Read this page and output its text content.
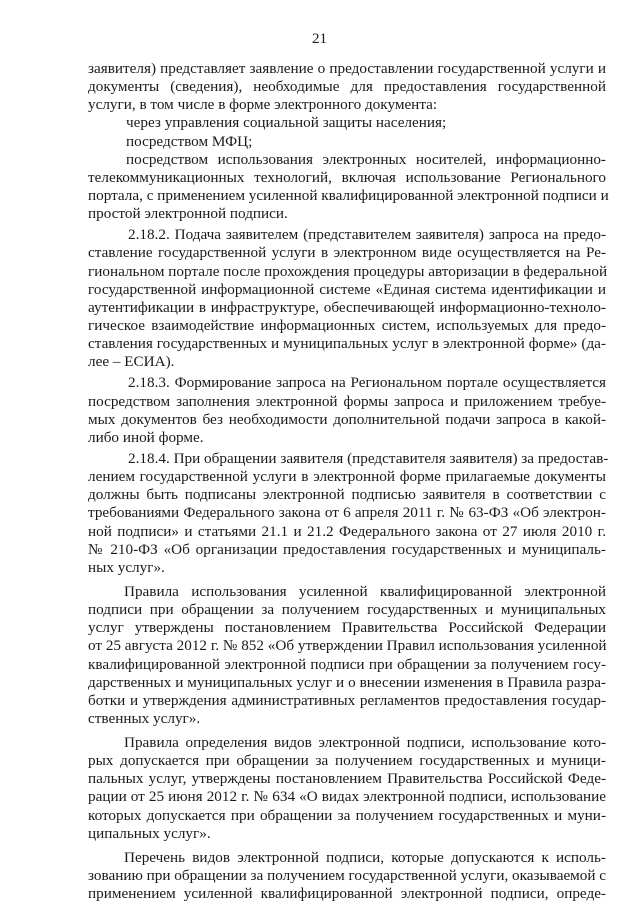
21
заявителя) представляет заявление о предоставлении государственной услуги и
документы (сведения), необходимые для предоставления государственной
услуги, в том числе в форме электронного документа:
через управления социальной защиты населения;
посредством МФЦ;
посредством использования электронных носителей, информационно-
телекоммуникационных технологий, включая использование Регионального
портала, с применением усиленной квалифицированной электронной подписи и
простой электронной подписи.
2.18.2. Подача заявителем (представителем заявителя) запроса на предо-
ставление государственной услуги в электронном виде осуществляется на Ре-
гиональном портале после прохождения процедуры авторизации в федеральной
государственной информационной системе «Единая система идентификации и
аутентификации в инфраструктуре, обеспечивающей информационно-техноло-
гическое взаимодействие информационных систем, используемых для предо-
ставления государственных и муниципальных услуг в электронной форме» (да-
лее – ЕСИА).
2.18.3. Формирование запроса на Региональном портале осуществляется
посредством заполнения электронной формы запроса и приложением требуе-
мых документов без необходимости дополнительной подачи запроса в какой-
либо иной форме.
2.18.4. При обращении заявителя (представителя заявителя) за предостав-
лением государственной услуги в электронной форме прилагаемые документы
должны быть подписаны электронной подписью заявителя в соответствии с
требованиями Федерального закона от 6 апреля 2011 г. № 63-ФЗ «Об электрон-
ной подписи» и статьями 21.1 и 21.2 Федерального закона от 27 июля 2010 г.
№ 210-ФЗ «Об организации предоставления государственных и муниципаль-
ных услуг».
Правила использования усиленной квалифицированной электронной
подписи при обращении за получением государственных и муниципальных
услуг утверждены постановлением Правительства Российской Федерации
от 25 августа 2012 г. № 852 «Об утверждении Правил использования усиленной
квалифицированной электронной подписи при обращении за получением госу-
дарственных и муниципальных услуг и о внесении изменения в Правила разра-
ботки и утверждения административных регламентов предоставления государ-
ственных услуг».
Правила определения видов электронной подписи, использование кото-
рых допускается при обращении за получением государственных и муници-
пальных услуг, утверждены постановлением Правительства Российской Феде-
рации от 25 июня 2012 г. № 634 «О видах электронной подписи, использование
которых допускается при обращении за получением государственных и муни-
ципальных услуг».
Перечень видов электронной подписи, которые допускаются к исполь-
зованию при обращении за получением государственной услуги, оказываемой с
применением усиленной квалифицированной электронной подписи, опреде-
